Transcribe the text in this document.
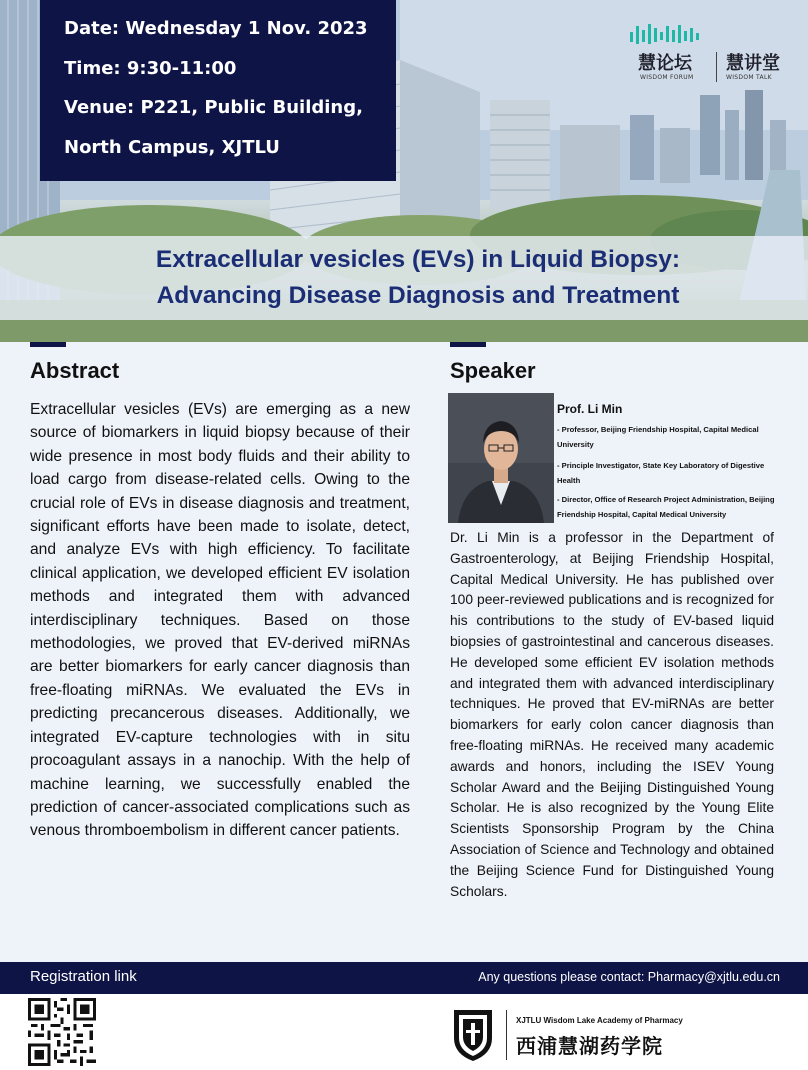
Date: Wednesday 1 Nov. 2023
Time: 9:30-11:00
Venue: P221, Public Building,
North Campus, XJTLU
慧论坛 慧讲堂
WISDOM FORUM	WISDOM TALK
Extracellular vesicles (EVs) in Liquid Biopsy:
Advancing Disease Diagnosis and Treatment
Abstract
Extracellular vesicles (EVs) are emerging as a new source of biomarkers in liquid biopsy because of their wide presence in most body fluids and their ability to load cargo from disease-related cells. Owing to the crucial role of EVs in disease diagnosis and treatment, significant efforts have been made to isolate, detect, and analyze EVs with high efficiency. To facilitate clinical application, we developed efficient EV isolation methods and integrated them with advanced interdisciplinary techniques. Based on those methodologies, we proved that EV-derived miRNAs are better biomarkers for early cancer diagnosis than free-floating miRNAs. We evaluated the EVs in predicting precancerous diseases. Additionally, we integrated EV-capture technologies with in situ procoagulant assays in a nanochip. With the help of machine learning, we successfully enabled the prediction of cancer-associated complications such as venous thromboembolism in different cancer patients.
Speaker
Prof. Li Min
- Professor, Beijing Friendship Hospital, Capital Medical University
- Principle Investigator, State Key Laboratory of Digestive Health
- Director, Office of Research Project Administration, Beijing Friendship Hospital, Capital Medical University
Dr. Li Min is a professor in the Department of Gastroenterology, at Beijing Friendship Hospital, Capital Medical University. He has published over 100 peer-reviewed publications and is recognized for his contributions to the study of EV-based liquid biopsies of gastrointestinal and cancerous diseases. He developed some efficient EV isolation methods and integrated them with advanced interdisciplinary techniques. He proved that EV-miRNAs are better biomarkers for early colon cancer diagnosis than free-floating miRNAs. He received many academic awards and honors, including the ISEV Young Scholar Award and the Beijing Distinguished Young Scholar. He is also recognized by the Young Elite Scientists Sponsorship Program by the China Association of Science and Technology and obtained the Beijing Science Fund for Distinguished Young Scholars.
Registration link	Any questions please contact: Pharmacy@xjtlu.edu.cn
XJTLU Wisdom Lake Academy of Pharmacy
西浦慧湖药学院
